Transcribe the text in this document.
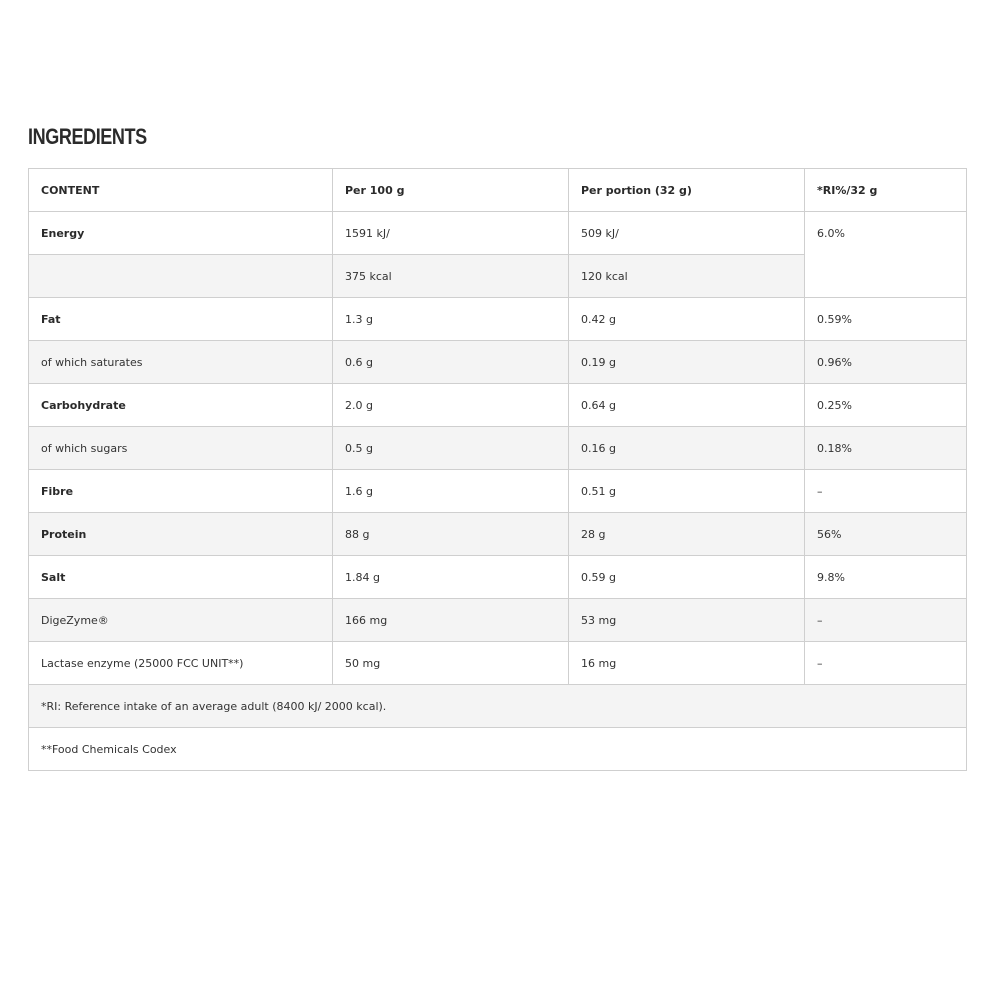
INGREDIENTS
CONTENT	Per 100 g	Per portion (32 g)	*RI%/32 g
Energy	1591 kJ/	509 kJ/	6.0%
	375 kcal	120 kcal	
Fat	1.3 g	0.42 g	0.59%
of which saturates	0.6 g	0.19 g	0.96%
Carbohydrate	2.0 g	0.64 g	0.25%
of which sugars	0.5 g	0.16 g	0.18%
Fibre	1.6 g	0.51 g	–
Protein	88 g	28 g	56%
Salt	1.84 g	0.59 g	9.8%
DigeZyme®	166 mg	53 mg	–
Lactase enzyme (25000 FCC UNIT**)	50 mg	16 mg	–
*RI: Reference intake of an average adult (8400 kJ/ 2000 kcal).			
**Food Chemicals Codex			
